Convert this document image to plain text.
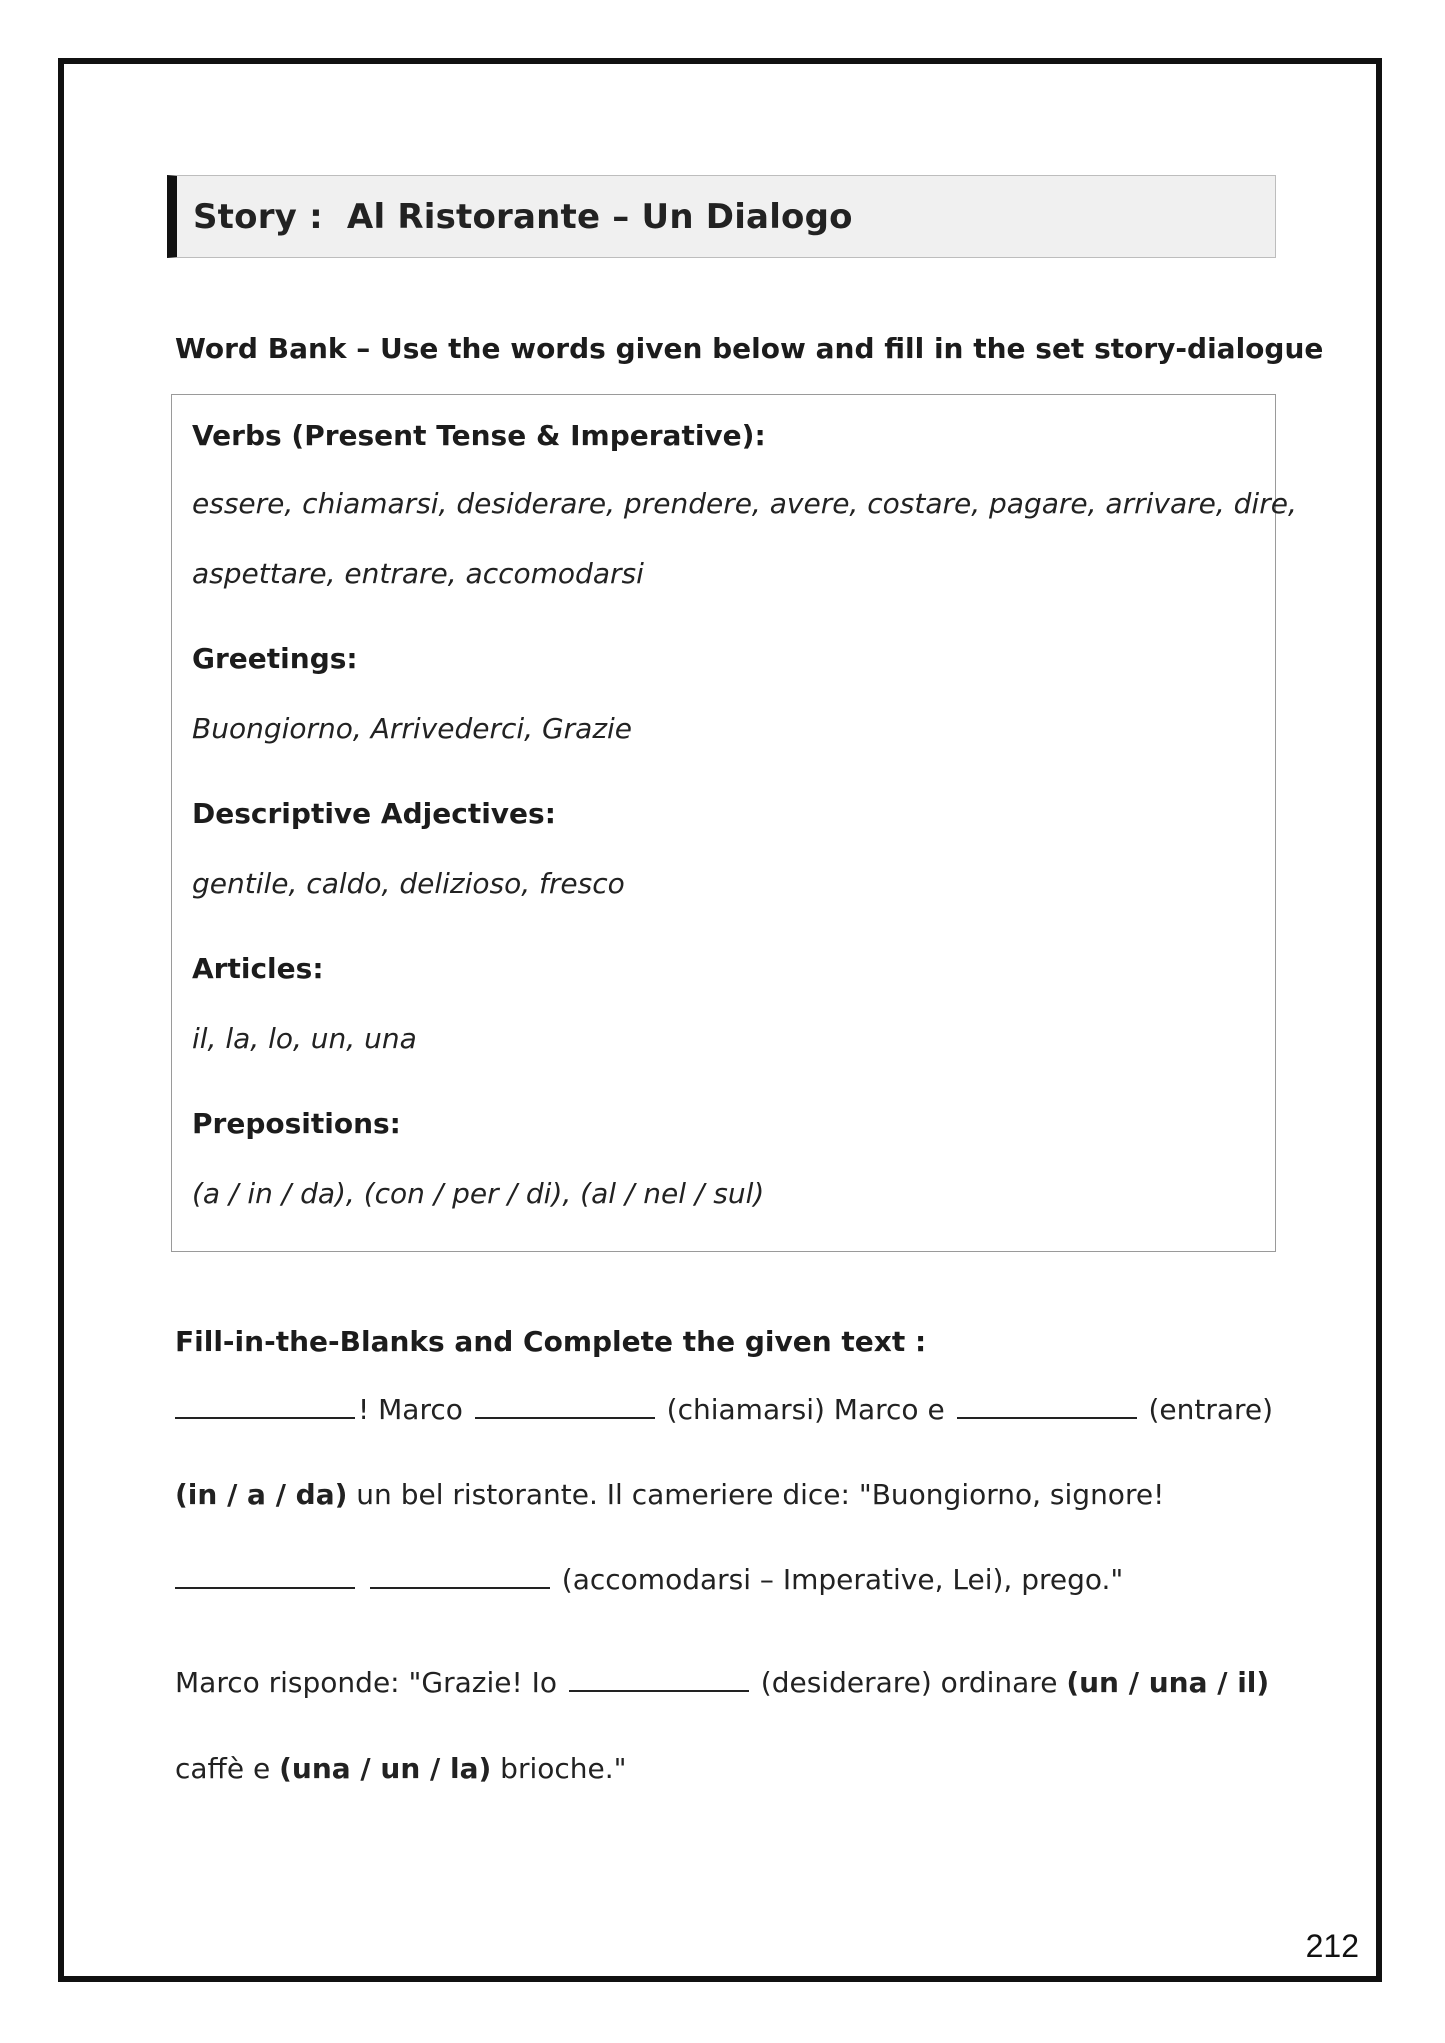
Story :  Al Ristorante – Un Dialogo
Word Bank – Use the words given below and fill in the set story-dialogue
Verbs (Present Tense & Imperative):
essere, chiamarsi, desiderare, prendere, avere, costare, pagare, arrivare, dire,
aspettare, entrare, accomodarsi
Greetings:
Buongiorno, Arrivederci, Grazie
Descriptive Adjectives:
gentile, caldo, delizioso, fresco
Articles:
il, la, lo, un, una
Prepositions:
(a / in / da), (con / per / di), (al / nel / sul)
Fill-in-the-Blanks and Complete the given text :
! Marco	(chiamarsi) Marco e	(entrare)
(in / a / da) un bel ristorante. Il cameriere dice: "Buongiorno, signore!
(accomodarsi – Imperative, Lei), prego."
Marco risponde: "Grazie! Io	(desiderare) ordinare (un / una / il)
caffè e (una / un / la) brioche."
212
